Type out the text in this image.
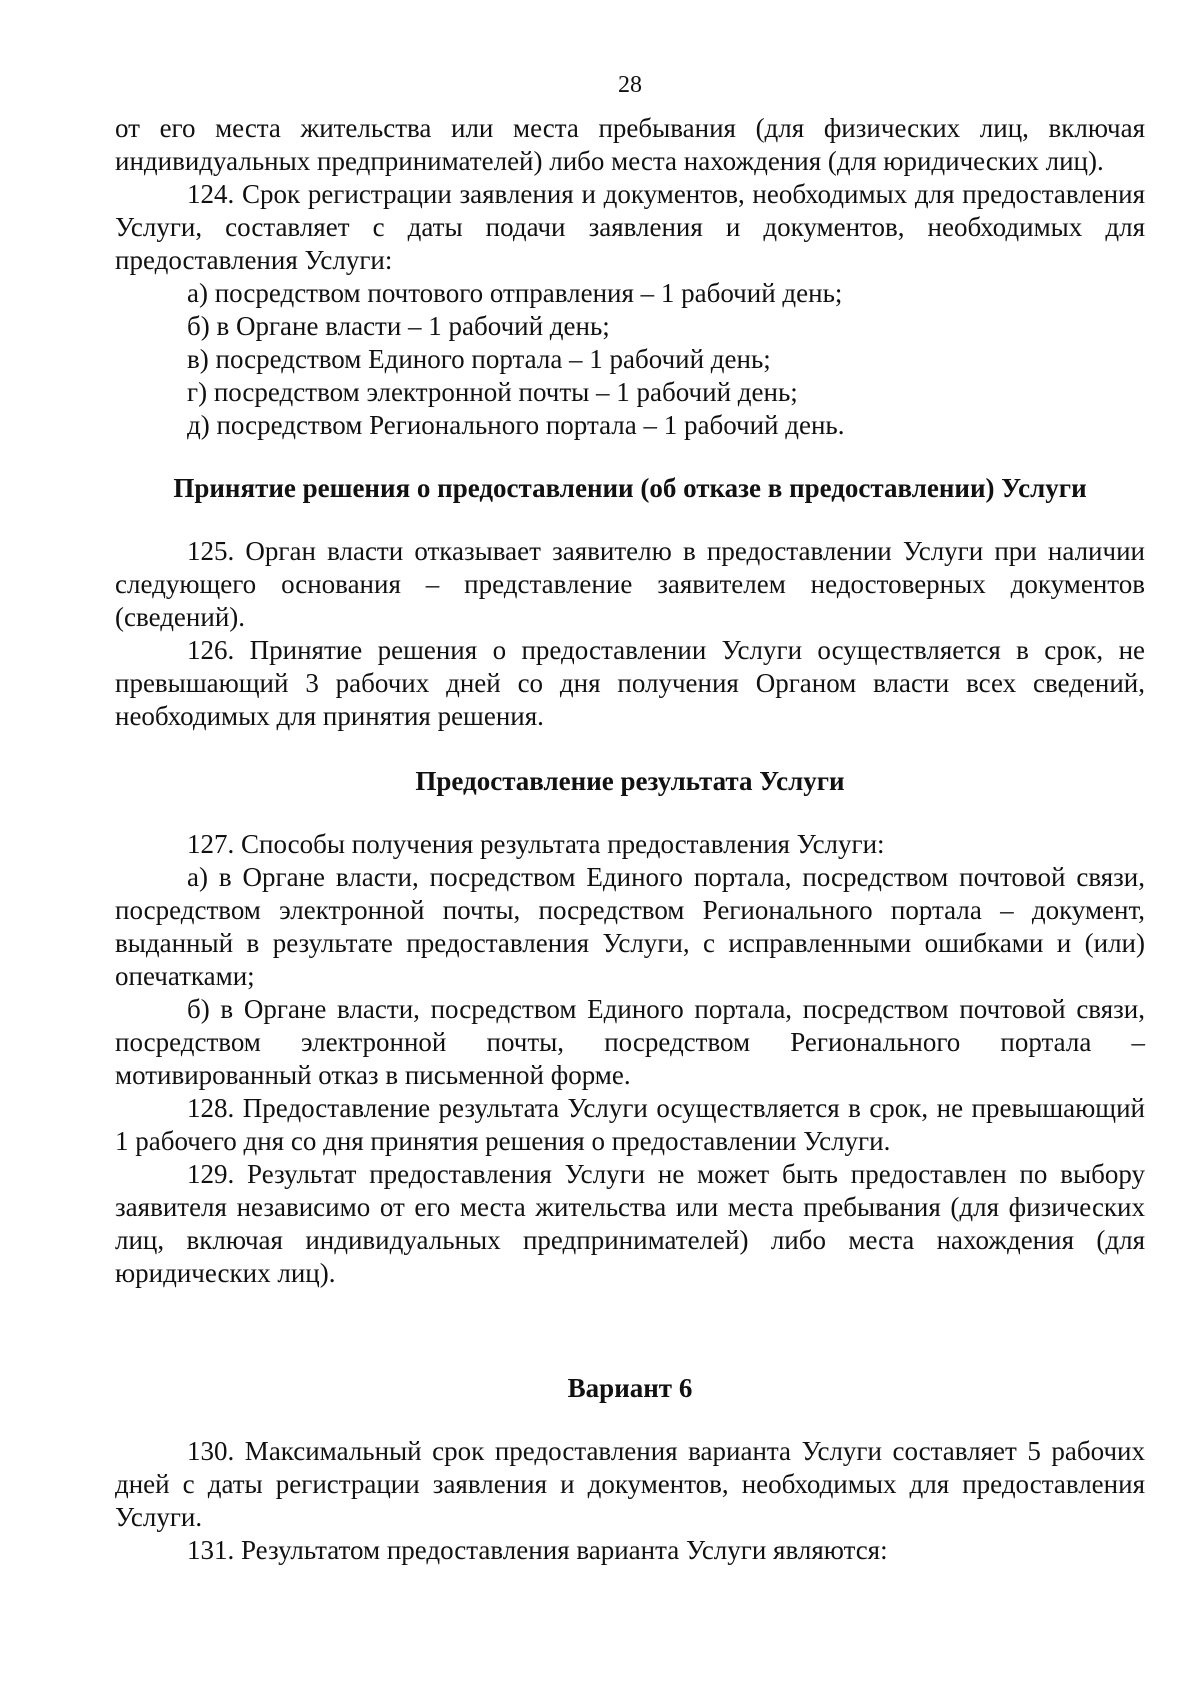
28

от его места жительства или места пребывания (для физических лиц, включая индивидуальных предпринимателей) либо места нахождения (для юридических лиц).

124. Срок регистрации заявления и документов, необходимых для предоставления Услуги, составляет с даты подачи заявления и документов, необходимых для предоставления Услуги:

а) посредством почтового отправления – 1 рабочий день;

б) в Органе власти – 1 рабочий день;

в) посредством Единого портала – 1 рабочий день;

г) посредством электронной почты – 1 рабочий день;

д) посредством Регионального портала – 1 рабочий день.

Принятие решения о предоставлении (об отказе в предоставлении) Услуги

125. Орган власти отказывает заявителю в предоставлении Услуги при наличии следующего основания – представление заявителем недостоверных документов (сведений).

126. Принятие решения о предоставлении Услуги осуществляется в срок, не превышающий 3 рабочих дней со дня получения Органом власти всех сведений, необходимых для принятия решения.

Предоставление результата Услуги

127. Способы получения результата предоставления Услуги:

а) в Органе власти, посредством Единого портала, посредством почтовой связи, посредством электронной почты, посредством Регионального портала – документ, выданный в результате предоставления Услуги, с исправленными ошибками и (или) опечатками;

б) в Органе власти, посредством Единого портала, посредством почтовой связи, посредством электронной почты, посредством Регионального портала – мотивированный отказ в письменной форме.

128. Предоставление результата Услуги осуществляется в срок, не превышающий 1 рабочего дня со дня принятия решения о предоставлении Услуги.

129. Результат предоставления Услуги не может быть предоставлен по выбору заявителя независимо от его места жительства или места пребывания (для физических лиц, включая индивидуальных предпринимателей) либо места нахождения (для юридических лиц).

Вариант 6

130. Максимальный срок предоставления варианта Услуги составляет 5 рабочих дней с даты регистрации заявления и документов, необходимых для предоставления Услуги.

131. Результатом предоставления варианта Услуги являются:
